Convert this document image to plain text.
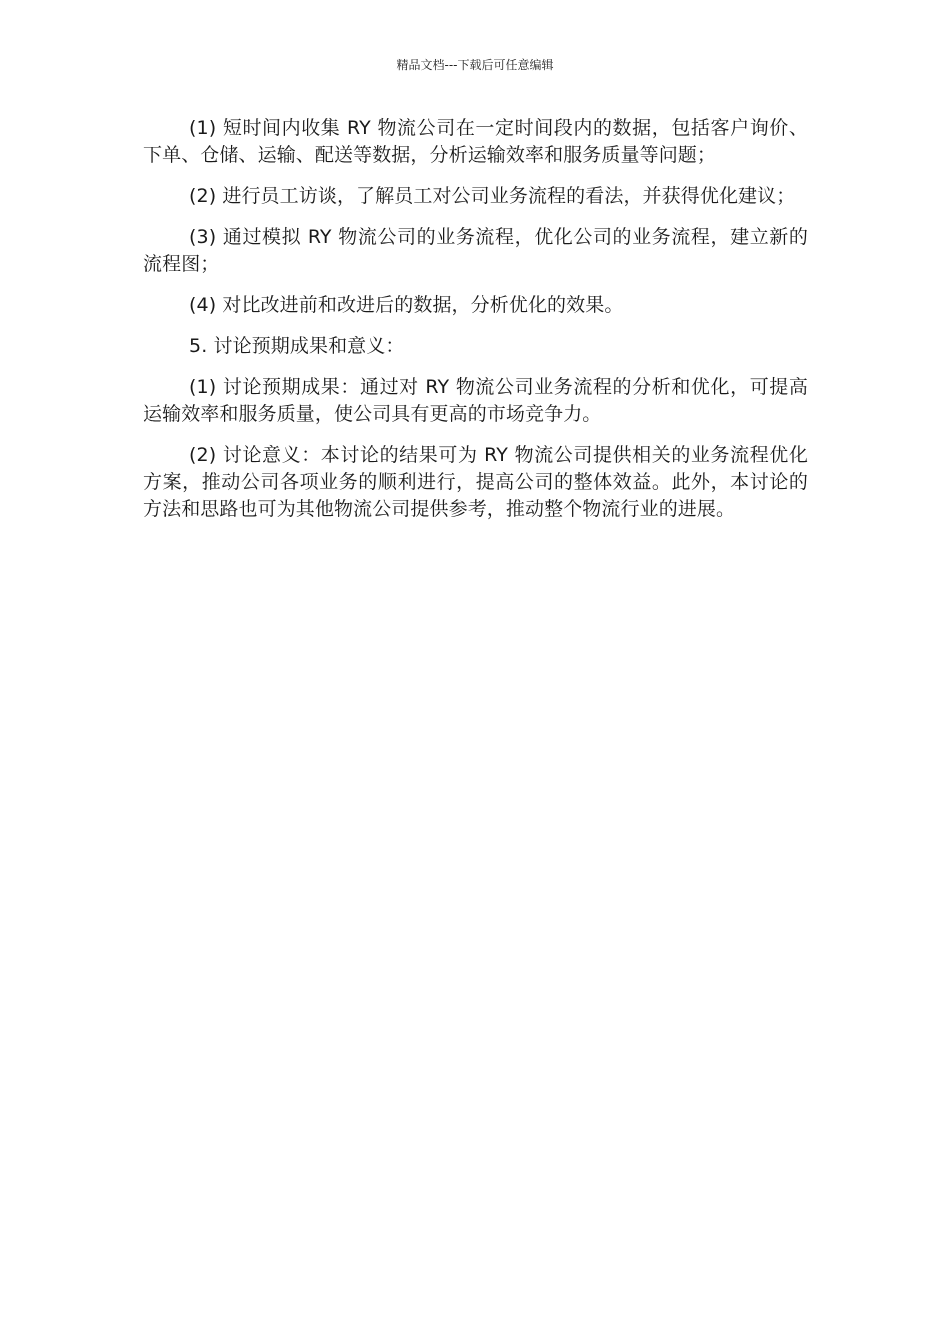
精品文档---下载后可任意编辑

(1) 短时间内收集 RY 物流公司在一定时间段内的数据，包括客户询价、下单、仓储、运输、配送等数据，分析运输效率和服务质量等问题；

(2) 进行员工访谈，了解员工对公司业务流程的看法，并获得优化建议；

(3) 通过模拟 RY 物流公司的业务流程，优化公司的业务流程，建立新的流程图；

(4) 对比改进前和改进后的数据，分析优化的效果。

5. 讨论预期成果和意义：

(1) 讨论预期成果：通过对 RY 物流公司业务流程的分析和优化，可提高运输效率和服务质量，使公司具有更高的市场竞争力。

(2) 讨论意义：本讨论的结果可为 RY 物流公司提供相关的业务流程优化方案，推动公司各项业务的顺利进行，提高公司的整体效益。此外，本讨论的方法和思路也可为其他物流公司提供参考，推动整个物流行业的进展。
